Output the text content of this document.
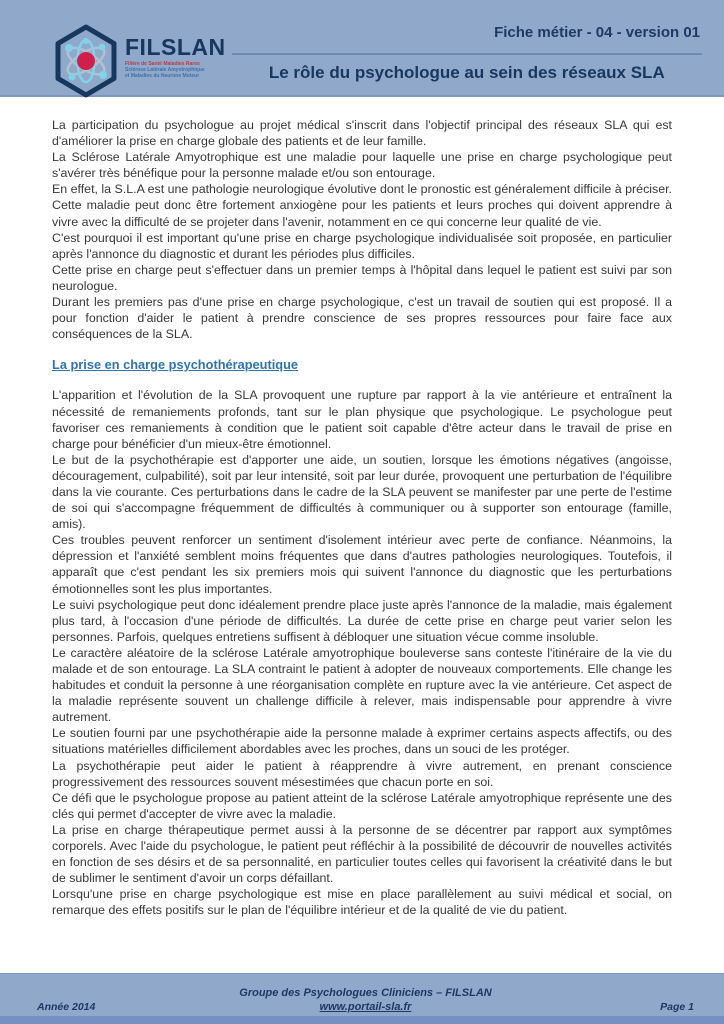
FILSLAN
Filière de Santé Maladies Rares
Sclérose Latérale Amyotrophique
et Maladies du Neurone Moteur
Fiche métier - 04 - version 01
Le rôle du psychologue au sein des réseaux SLA

La participation du psychologue au projet médical s'inscrit dans l'objectif principal des réseaux SLA qui est d'améliorer la prise en charge globale des patients et de leur famille.

La Sclérose Latérale Amyotrophique est une maladie pour laquelle une prise en charge psychologique peut s'avérer très bénéfique pour la personne malade et/ou son entourage.

En effet, la S.L.A est une pathologie neurologique évolutive dont le pronostic est généralement difficile à préciser. Cette maladie peut donc être fortement anxiogène pour les patients et leurs proches qui doivent apprendre à vivre avec la difficulté de se projeter dans l'avenir, notamment en ce qui concerne leur qualité de vie.

C'est pourquoi il est important qu'une prise en charge psychologique individualisée soit proposée, en particulier après l'annonce du diagnostic et durant les périodes plus difficiles.

Cette prise en charge peut s'effectuer dans un premier temps à l'hôpital dans lequel le patient est suivi par son neurologue.

Durant les premiers pas d'une prise en charge psychologique, c'est un travail de soutien qui est proposé. Il a pour fonction d'aider le patient à prendre conscience de ses propres ressources pour faire face aux conséquences de la SLA.

La prise en charge psychothérapeutique

L'apparition et l'évolution de la SLA provoquent une rupture par rapport à la vie antérieure et entraînent la nécessité de remaniements profonds, tant sur le plan physique que psychologique. Le psychologue peut favoriser ces remaniements à condition que le patient soit capable d'être acteur dans le travail de prise en charge pour bénéficier d'un mieux-être émotionnel.

Le but de la psychothérapie est d'apporter une aide, un soutien, lorsque les émotions négatives (angoisse, découragement, culpabilité), soit par leur intensité, soit par leur durée, provoquent une perturbation de l'équilibre dans la vie courante. Ces perturbations dans le cadre de la SLA peuvent se manifester par une perte de l'estime de soi qui s'accompagne fréquemment de difficultés à communiquer ou à supporter son entourage (famille, amis).

Ces troubles peuvent renforcer un sentiment d'isolement intérieur avec perte de confiance. Néanmoins, la dépression et l'anxiété semblent moins fréquentes que dans d'autres pathologies neurologiques. Toutefois, il apparaît que c'est pendant les six premiers mois qui suivent l'annonce du diagnostic que les perturbations émotionnelles sont les plus importantes.

Le suivi psychologique peut donc idéalement prendre place juste après l'annonce de la maladie, mais également plus tard, à l'occasion d'une période de difficultés. La durée de cette prise en charge peut varier selon les personnes. Parfois, quelques entretiens suffisent à débloquer une situation vécue comme insoluble.

Le caractère aléatoire de la sclérose Latérale amyotrophique bouleverse sans conteste l'itinéraire de la vie du malade et de son entourage. La SLA contraint le patient à adopter de nouveaux comportements. Elle change les habitudes et conduit la personne à une réorganisation complète en rupture avec la vie antérieure. Cet aspect de la maladie représente souvent un challenge difficile à relever, mais indispensable pour apprendre à vivre autrement.

Le soutien fourni par une psychothérapie aide la personne malade à exprimer certains aspects affectifs, ou des situations matérielles difficilement abordables avec les proches, dans un souci de les protéger.

La psychothérapie peut aider le patient à réapprendre à vivre autrement, en prenant conscience progressivement des ressources souvent mésestimées que chacun porte en soi.

Ce défi que le psychologue propose au patient atteint de la sclérose Latérale amyotrophique représente une des clés qui permet d'accepter de vivre avec la maladie.

La prise en charge thérapeutique permet aussi à la personne de se décentrer par rapport aux symptômes corporels. Avec l'aide du psychologue, le patient peut réfléchir à la possibilité de découvrir de nouvelles activités en fonction de ses désirs et de sa personnalité, en particulier toutes celles qui favorisent la créativité dans le but de sublimer le sentiment d'avoir un corps défaillant.

Lorsqu'une prise en charge psychologique est mise en place parallèlement au suivi médical et social, on remarque des effets positifs sur le plan de l'équilibre intérieur et de la qualité de vie du patient.

Année 2014
Groupe des Psychologues Cliniciens – FILSLAN
www.portail-sla.fr	Page 1
